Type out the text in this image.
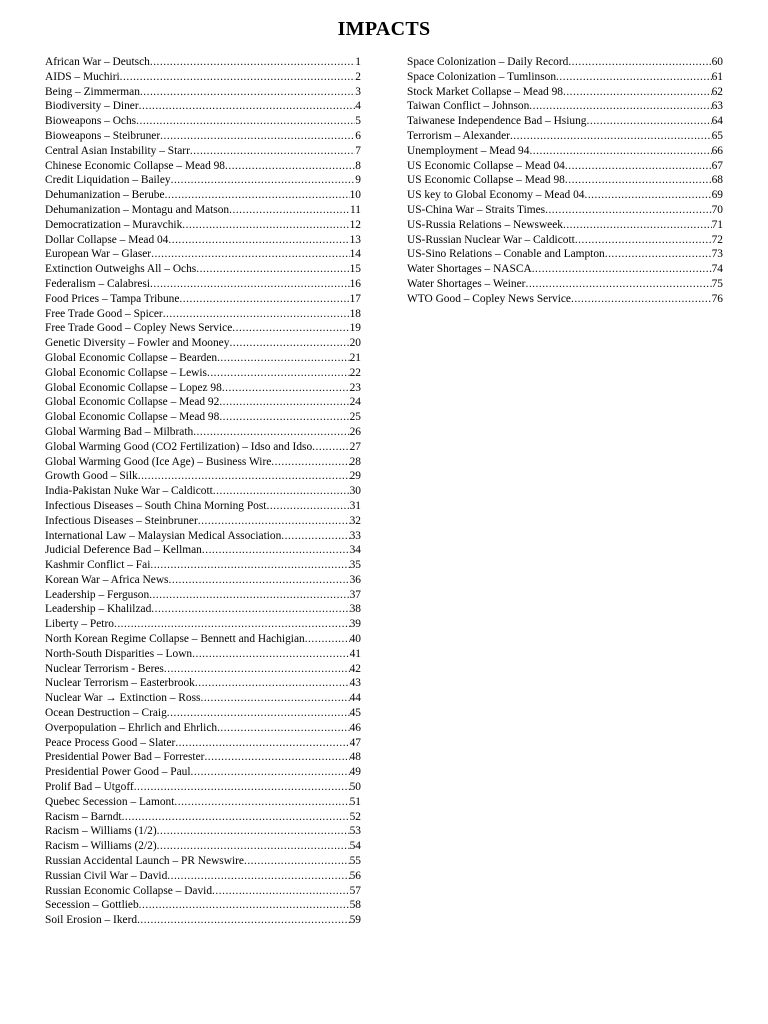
IMPACTS
African War – Deutsch .....	1
AIDS – Muchiri .....	2
Being – Zimmerman .....	3
Biodiversity – Diner .....	4
Bioweapons – Ochs .....	5
Bioweapons – Steibruner .....	6
Central Asian Instability – Starr .....	7
Chinese Economic Collapse – Mead 98 .....	8
Credit Liquidation – Bailey .....	9
Dehumanization – Berube .....	10
Dehumanization – Montagu and Matson .....	11
Democratization – Muravchik .....	12
Dollar Collapse – Mead 04 .....	13
European War – Glaser .....	14
Extinction Outweighs All – Ochs .....	15
Federalism – Calabresi .....	16
Food Prices – Tampa Tribune .....	17
Free Trade Good – Spicer .....	18
Free Trade Good – Copley News Service .....	19
Genetic Diversity – Fowler and Mooney .....	20
Global Economic Collapse – Bearden .....	21
Global Economic Collapse – Lewis .....	22
Global Economic Collapse – Lopez 98 .....	23
Global Economic Collapse – Mead 92 .....	24
Global Economic Collapse – Mead 98 .....	25
Global Warming Bad – Milbrath .....	26
Global Warming Good (CO2 Fertilization) – Idso and Idso .....	27
Global Warming Good (Ice Age) – Business Wire .....	28
Growth Good – Silk .....	29
India-Pakistan Nuke War – Caldicott .....	30
Infectious Diseases – South China Morning Post .....	31
Infectious Diseases – Steinbruner .....	32
International Law – Malaysian Medical Association .....	33
Judicial Deference Bad – Kellman .....	34
Kashmir Conflict – Fai .....	35
Korean War – Africa News .....	36
Leadership – Ferguson .....	37
Leadership – Khalilzad .....	38
Liberty – Petro .....	39
North Korean Regime Collapse – Bennett and Hachigian .....	40
North-South Disparities – Lown .....	41
Nuclear Terrorism - Beres .....	42
Nuclear Terrorism – Easterbrook .....	43
Nuclear War → Extinction – Ross .....	44
Ocean Destruction – Craig .....	45
Overpopulation – Ehrlich and Ehrlich .....	46
Peace Process Good – Slater .....	47
Presidential Power Bad – Forrester .....	48
Presidential Power Good – Paul .....	49
Prolif Bad – Utgoff .....	50
Quebec Secession – Lamont .....	51
Racism – Barndt .....	52
Racism – Williams (1/2) .....	53
Racism – Williams (2/2) .....	54
Russian Accidental Launch – PR Newswire .....	55
Russian Civil War – David .....	56
Russian Economic Collapse – David .....	57
Secession – Gottlieb .....	58
Soil Erosion – Ikerd .....	59
Space Colonization – Daily Record .....	60
Space Colonization – Tumlinson .....	61
Stock Market Collapse – Mead 98 .....	62
Taiwan Conflict – Johnson .....	63
Taiwanese Independence Bad – Hsiung .....	64
Terrorism – Alexander .....	65
Unemployment – Mead 94 .....	66
US Economic Collapse – Mead 04 .....	67
US Economic Collapse – Mead 98 .....	68
US key to Global Economy – Mead 04 .....	69
US-China War – Straits Times .....	70
US-Russia Relations – Newsweek .....	71
US-Russian Nuclear War – Caldicott .....	72
US-Sino Relations – Conable and Lampton .....	73
Water Shortages – NASCA .....	74
Water Shortages – Weiner .....	75
WTO Good – Copley News Service .....	76
